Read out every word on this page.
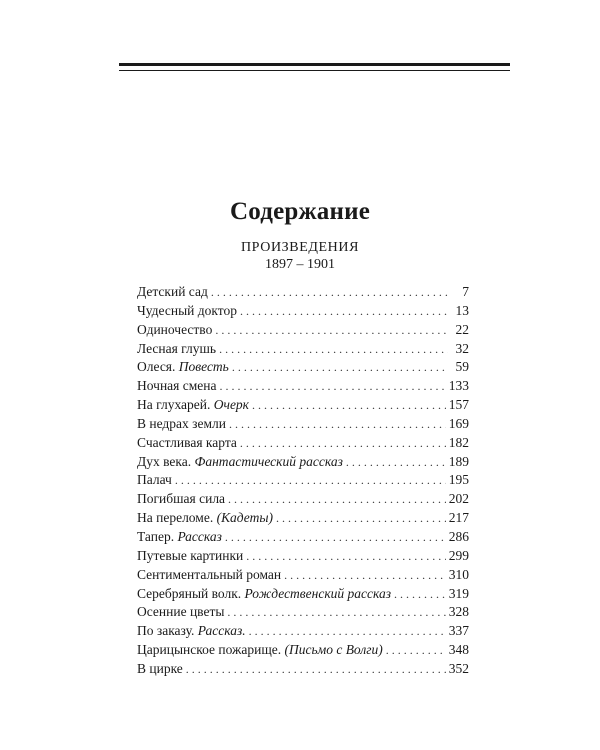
Содержание
ПРОИЗВЕДЕНИЯ
1897 – 1901
Детский сад . . .	7
Чудесный доктор . . .	13
Одиночество . . .	22
Лесная глушь . . .	32
Олеся. Повесть . . .	59
Ночная смена . . .	133
На глухарей. Очерк . . .	157
В недрах земли . . .	169
Счастливая карта . . .	182
Дух века. Фантастический рассказ . . .	189
Палач . . .	195
Погибшая сила . . .	202
На переломе. (Кадеты) . . .	217
Тапер. Рассказ . . .	286
Путевые картинки . . .	299
Сентиментальный роман . . .	310
Серебряный волк. Рождественский рассказ . . .	319
Осенние цветы . . .	328
По заказу. Рассказ. . . .	337
Царицынское пожарище. (Письмо с Волги) . . .	348
В цирке . . .	352
